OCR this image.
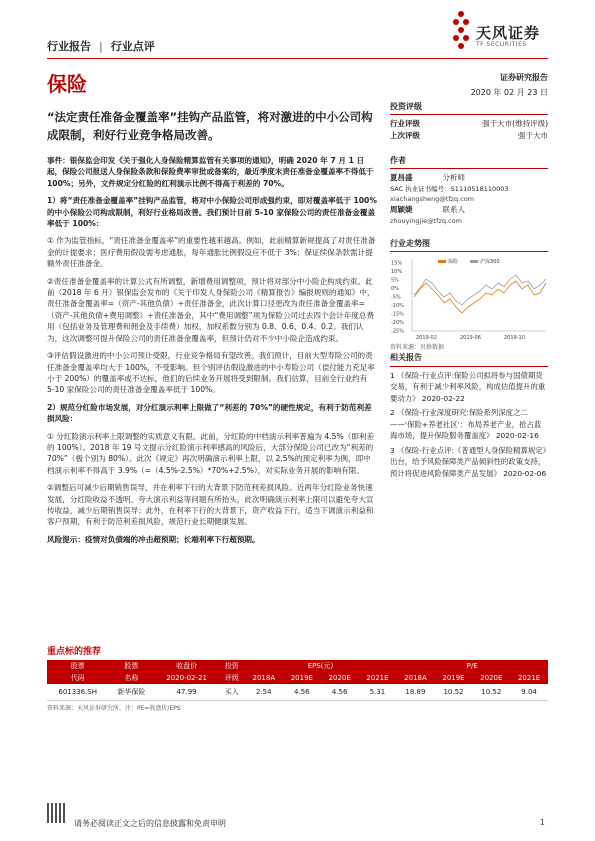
天风证券
TF SECURITIES
行业报告 | 行业点评
保险	证券研究报告
2020 年 02 月 23 日
“法定责任准备金覆盖率”挂钩产品监管，将对激进的中小公司构成限制，利好行业竞争格局改善。
投资评级
行业评级	强于大市(维持评级)
上次评级	强于大市
作者
夏昌盛	分析师
SAC 执业证书编号：S1110518110003
xiachangsheng@tfzq.com
周颖婕	联系人
zhouyingjie@tfzq.com
行业走势图
15%
10%
5%
0%
-5%
-10%
-15%
-20%
-25%
2019-02	2019-06	2019-10
保险	沪深300
资料来源：贝格数据
相关报告
1 《保险-行业点评:保险公司拟将参与国债期货交易，有利于减少利率风险，构成估值提升的重要动力》 2020-02-22
2 《保险-行业深度研究:保险系列深度之二——‘保险+养老社区’：布局养老产业，抢占蓝海市场，提升保险服务覆盖度》 2020-02-16
3 《保险-行业点评:《普通型人身保险精算规定》出台，给予风险保障类产品倾斜性的政策支持，预计将促进风险保障类产品发展》 2020-02-06

事件：银保监会印发《关于强化人身保险精算监管有关事项的通知》，明确 2020 年 7 月 1 日起，保险公司报送人身保险条款和保险费率审批或备案的，最近季度末责任准备金覆盖率不得低于 100%；另外，文件规定分红险的红利演示比例不得高于利差的 70%。

1）将“责任准备金覆盖率”挂钩产品监管，将对中小保险公司形成强约束，即对覆盖率低于 100%的中小保险公司构成限制，利好行业格局改善。我们预计目前 5-10 家保险公司的责任准备金覆盖率低于 100%：

① 作为监管指标，“责任准备金覆盖率”的重要性越来越高。例如，此前精算新规提高了对责任准备金的计提要求；医疗费用假设需考虑通胀，每年通胀比例假设应不低于 3%；保证续保条款需计提额外责任准备金。

②责任准备金覆盖率的计算公式有所调整，新增费用调整项，预计将对部分中小险企构成约束。此前（2018 年 6 月）银保监会发布的《关于印发人身保险公司《精算报告》编报规则的通知》中，责任准备金覆盖率=（资产-其他负债）÷责任准备金，此次计算口径更改为责任准备金覆盖率=（资产-其他负债+费用调整）÷责任准备金，其中“费用调整”项为保险公司过去四个会计年度总费用（包括业务及管理费和佣金及手续费）加权，加权系数分别为 0.8、0.6、0.4、0.2。我们认为，这次调整可提升保险公司的责任准备金覆盖率，但预计仍对不少中小险企造成约束。

③评估假设激进的中小公司预计受限，行业竞争格局有望改善。我们预计，目前大型寿险公司的责任准备金覆盖率均大于 100%，不受影响。但个别评估假设激进的中小寿险公司（偿付能力充足率小于 200%）的覆盖率或不达标，他们的后续业务开展将受到限制。我们估算，目前全行业约有 5-10 家保险公司的责任准备金覆盖率低于 100%。

2）规范分红险市场发展，对分红演示利率上限做了“利差的 70%”的硬性规定，有利于防范利差损风险：

① 分红险演示利率上限调整的实质意义有限。此前，分红险的中档演示利率普遍为 4.5%（即利差的 100%）。2018 年 19 号文提示分红险演示利率感高的风险后，大部分保险公司已改为“利差的 70%”（极个别为 80%）。此次《规定》再次明确演示利率上限，以 2.5%的预定利率为例，即中档演示利率不得高于 3.9%（=（4.5%-2.5%）*70%+2.5%），对实际业务开展的影响有限。

②调整后可减少后期销售误导，并在利率下行的大背景下防范利差损风险。近两年分红险业务快速发展，分红险收益不透明、夸大演示利益等问题有所抬头，此次明确演示利率上限可以避免夸大宣传收益，减少后期销售误导；此外，在利率下行的大背景下，资产收益下行，适当下调演示利益和客户预期，有利于防范利差损风险，规范行业长期健康发展。

风险提示：疫情对负债端的冲击超预期；长端利率下行超预期。

重点标的推荐
股票	股票	收盘价	投资	EPS(元)				P/E			
代码	名称	2020-02-21	评级	2018A	2019E	2020E	2021E	2018A	2019E	2020E	2021E
601336.SH	新华保险	47.99	买入	2.54	4.56	4.56	5.31	18.89	10.52	10.52	9.04
资料来源：天风证券研究所，注：PE=收盘价/EPS
请务必阅读正文之后的信息披露和免责申明	1
